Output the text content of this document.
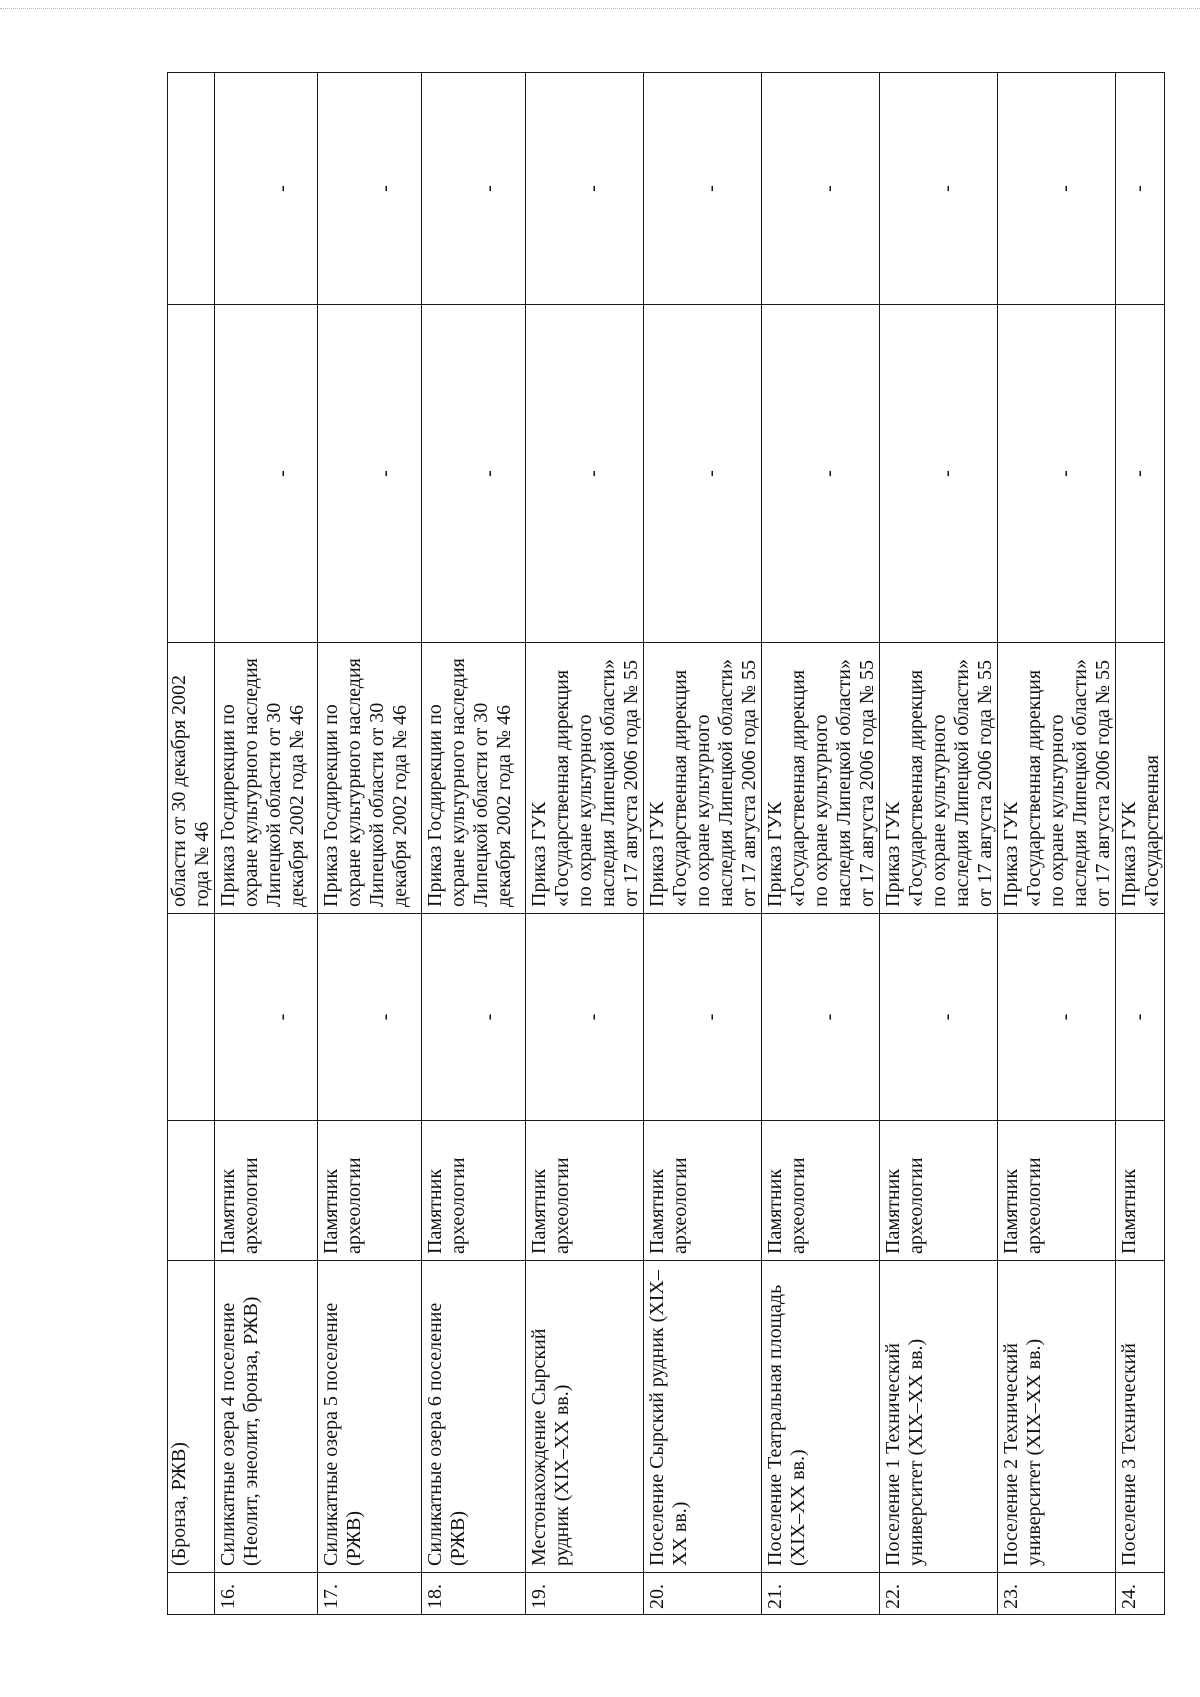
	(Бронза, РЖВ)			области от 30 декабря 2002 года № 46		
16.	Силикатные озера 4 поселение (Неолит, энеолит, бронза, РЖВ)	Памятник археологии	-	Приказ Госдирекции по охране культурного наследия Липецкой области от 30 декабря 2002 года № 46	-	-
17.	Силикатные озера 5 поселение (РЖВ)	Памятник археологии	-	Приказ Госдирекции по охране культурного наследия Липецкой области от 30 декабря 2002 года № 46	-	-
18.	Силикатные озера 6 поселение (РЖВ)	Памятник археологии	-	Приказ Госдирекции по охране культурного наследия Липецкой области от 30 декабря 2002 года № 46	-	-
19.	Местонахождение Сырский рудник (XIX–XX вв.)	Памятник археологии	-	Приказ ГУК «Государственная дирекция по охране культурного наследия Липецкой области» от 17 августа 2006 года № 55	-	-
20.	Поселение Сырский рудник (XIX–XX вв.)	Памятник археологии	-	Приказ ГУК «Государственная дирекция по охране культурного наследия Липецкой области» от 17 августа 2006 года № 55	-	-
21.	Поселение Театральная площадь (XIX–XX вв.)	Памятник археологии	-	Приказ ГУК «Государственная дирекция по охране культурного наследия Липецкой области» от 17 августа 2006 года № 55	-	-
22.	Поселение 1 Технический университет (XIX–XX вв.)	Памятник археологии	-	Приказ ГУК «Государственная дирекция по охране культурного наследия Липецкой области» от 17 августа 2006 года № 55	-	-
23.	Поселение 2 Технический университет (XIX–XX вв.)	Памятник археологии	-	Приказ ГУК «Государственная дирекция по охране культурного наследия Липецкой области» от 17 августа 2006 года № 55	-	-
24.	Поселение 3 Технический	Памятник	-	Приказ ГУК «Государственная	-	-
